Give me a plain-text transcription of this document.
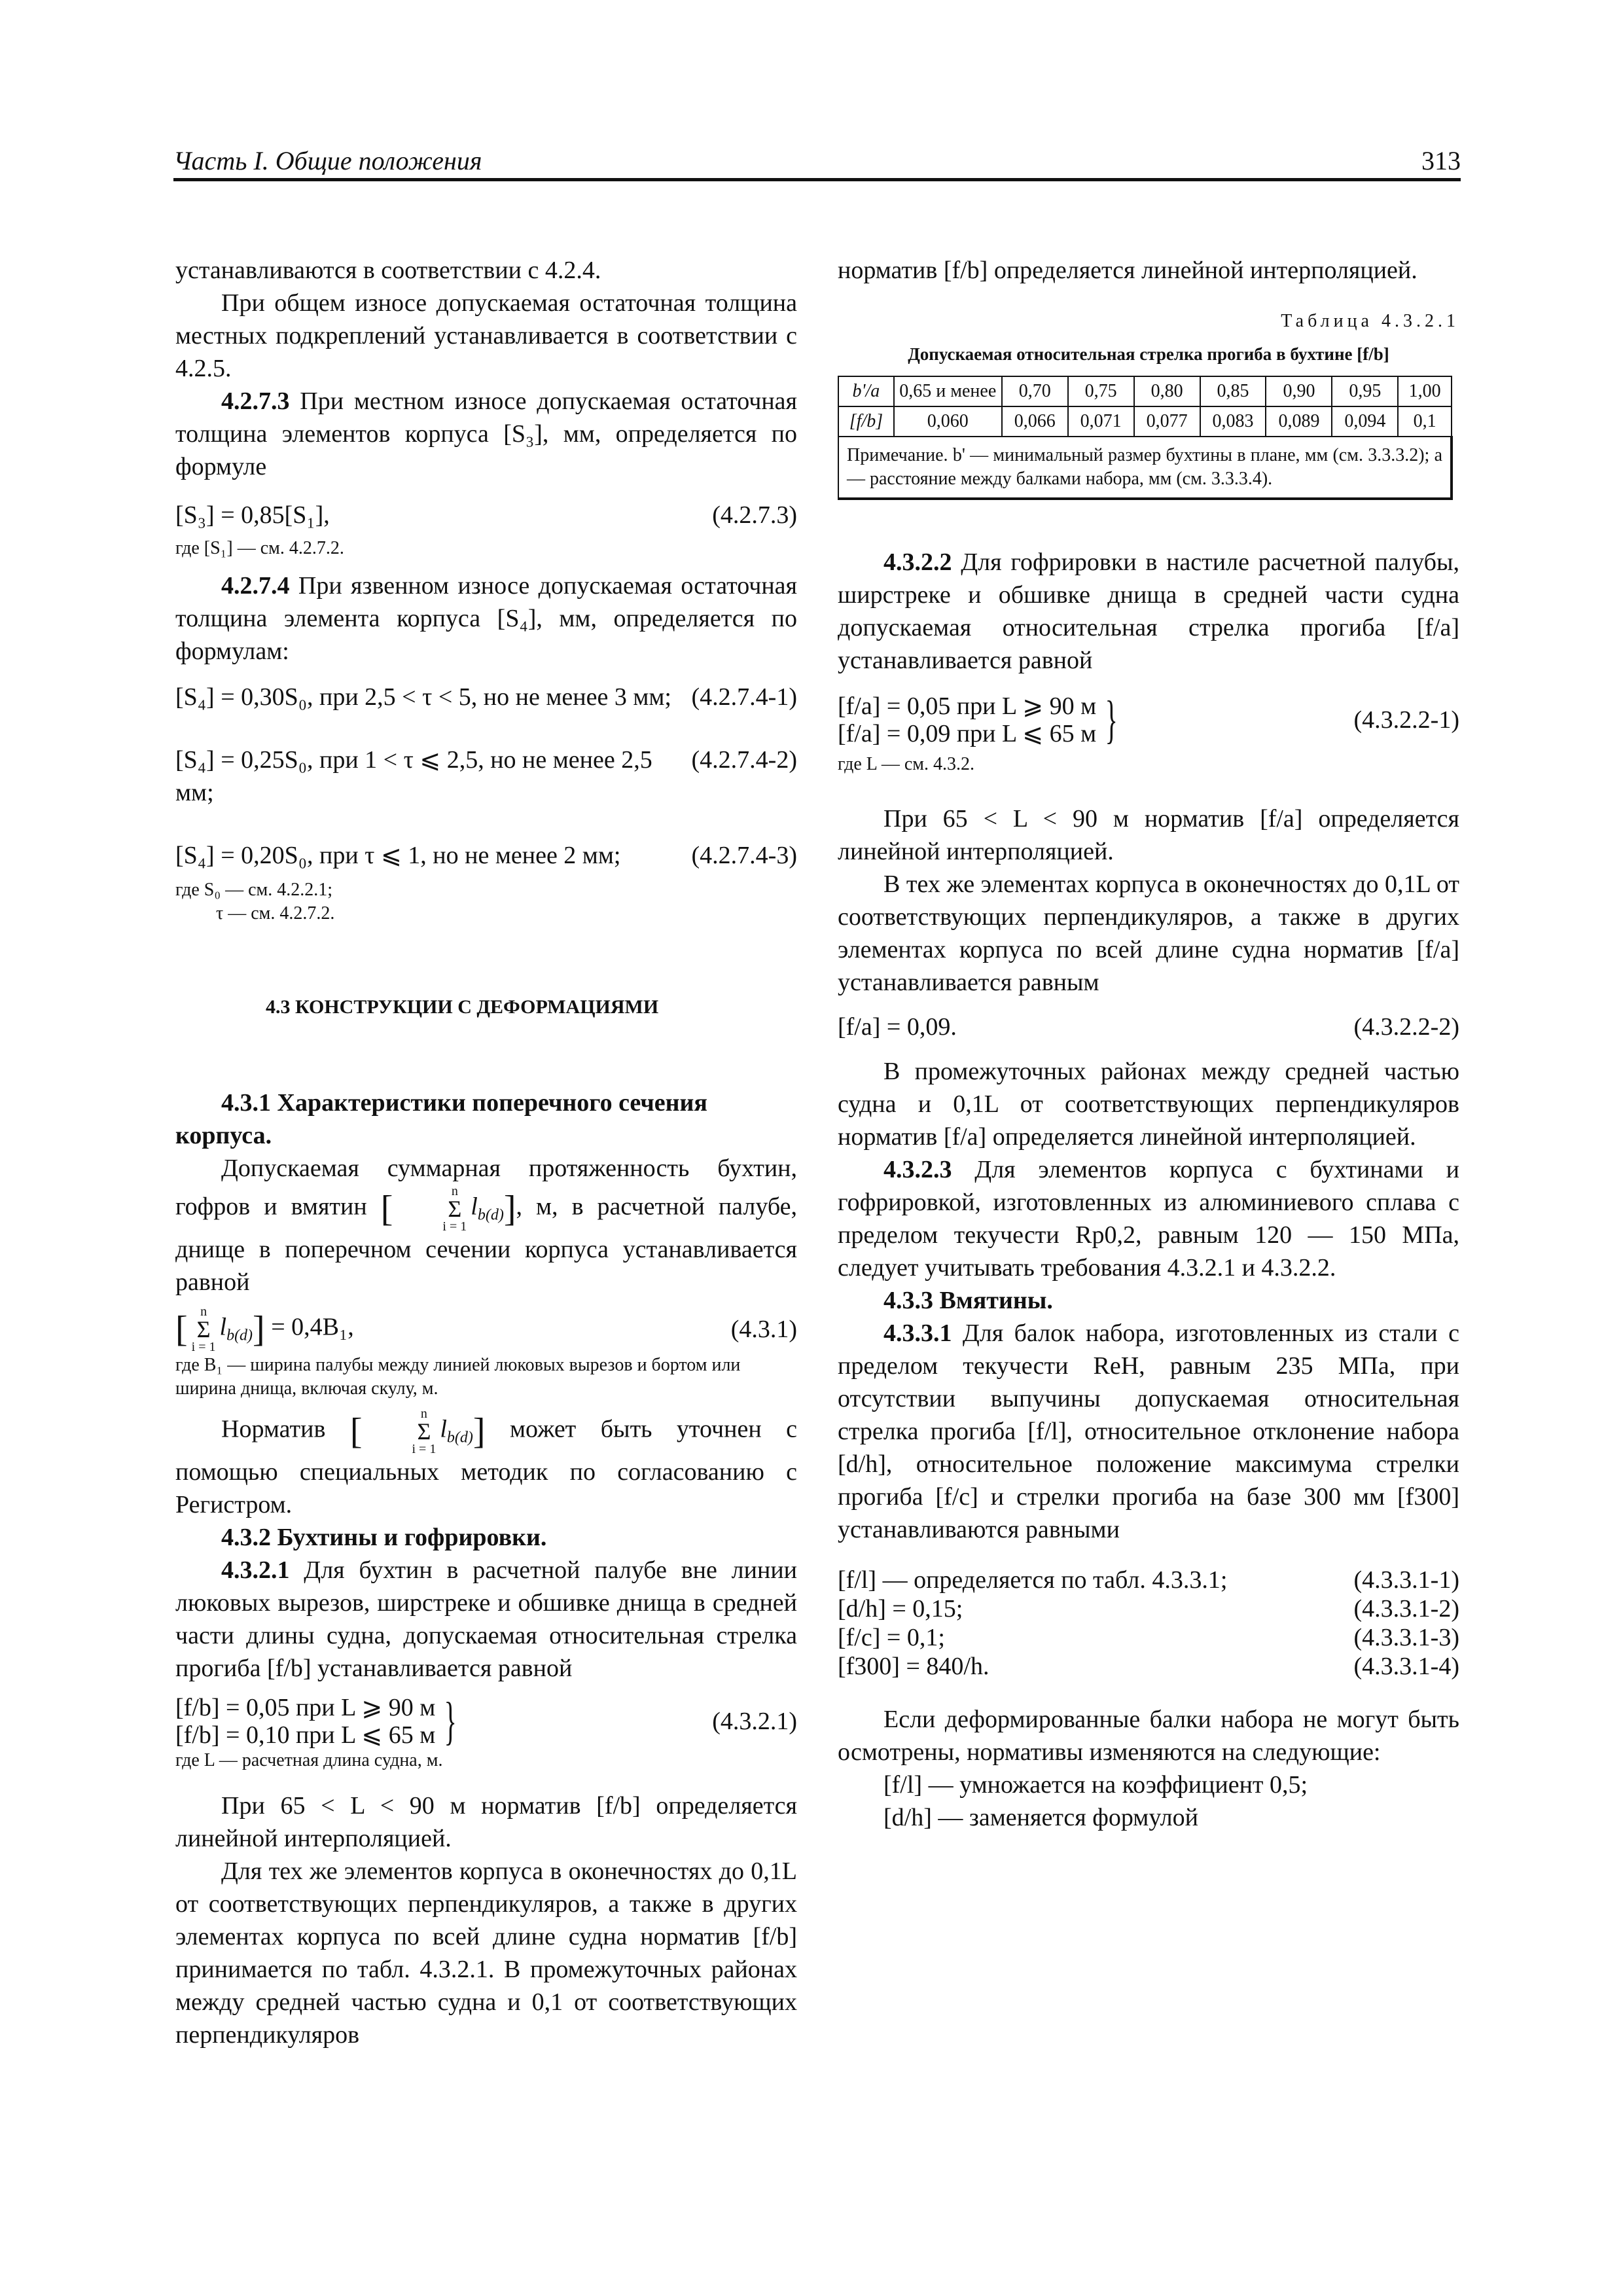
Часть I. Общие положения	313

устанавливаются в соответствии с 4.2.4.

При общем износе допускаемая остаточная толщина местных подкреплений устанавливается в соответствии с 4.2.5.

4.2.7.3 При местном износе допускаемая остаточная толщина элементов корпуса [S₃], мм, определяется по формуле

[S₃] = 0,85[S₁],	(4.2.7.3)

где [S₁] — см. 4.2.7.2.

4.2.7.4 При язвенном износе допускаемая остаточная толщина элемента корпуса [S₄], мм, определяется по формулам:

[S₄] = 0,30S₀, при 2,5 < τ < 5, но не менее 3 мм; (4.2.7.4-1)

[S₄] = 0,25S₀, при 1 < τ ⩽ 2,5, но не менее 2,5 мм;
(4.2.7.4-2)

[S₄] = 0,20S₀, при τ ⩽ 1, но не менее 2 мм;	(4.2.7.4-3)

где S₀ — см. 4.2.2.1;

τ — см. 4.2.7.2.

4.3 КОНСТРУКЦИИ С ДЕФОРМАЦИЯМИ

4.3.1 Характеристики поперечного сечения корпуса.

Допускаемая суммарная протяженность бухтин, гофров и вмятин [	n
Σ
i = 1
$l_{b(d)}$], м, в расчетной палубе, днище в поперечном сечении корпуса устанавливается равной

[ n
Σ
i = 1
$l_{b(d)}] = 0,4B_1$,	(4.3.1)

где B₁ — ширина палубы между линией люковых вырезов и бортом или ширина днища, включая скулу, м.

Норматив [	n
Σ
i = 1
$l_{b(d)}$] может быть уточнен с помощью специальных методик по согласованию с Регистром.

4.3.2 Бухтины и гофрировки.

4.3.2.1 Для бухтин в расчетной палубе вне линии люковых вырезов, ширстреке и обшивке днища в средней части длины судна, допускаемая относительная стрелка прогиба [f/b] устанавливается равной

[f/b] = 0,05 при L ⩾ 90 м
[f/b] = 0,10 при L ⩽ 65 м }	(4.3.2.1)

где L — расчетная длина судна, м.

При 65 < L < 90 м норматив [f/b] определяется линейной интерполяцией.

Для тех же элементов корпуса в оконечностях до 0,1L от соответствующих перпендикуляров, а также в других элементах корпуса по всей длине судна норматив [f/b] принимается по табл. 4.3.2.1. В промежуточных районах между средней частью судна и 0,1 от соответствующих перпендикуляров

норматив [f/b] определяется линейной интерполяцией.

Таблица 4.3.2.1

Допускаемая относительная стрелка прогиба в бухтине [f/b]

b'/a	0,65 и менее	0,70	0,75	0,80	0,85	0,90	0,95	1,00
[f/b]	0,060	0,066	0,071	0,077	0,083	0,089	0,094	0,1
Примечание. b' — минимальный размер бухтины в плане, мм (см. 3.3.3.2); a — расстояние между балками набора, мм (см. 3.3.3.4).								

4.3.2.2 Для гофрировки в настиле расчетной палубы, ширстреке и обшивке днища в средней части судна допускаемая относительная стрелка прогиба [f/a] устанавливается равной

[f/a] = 0,05 при L ⩾ 90 м
[f/a] = 0,09 при L ⩽ 65 м }	(4.3.2.2-1)

где L — см. 4.3.2.

При 65 < L < 90 м норматив [f/a] определяется линейной интерполяцией.

В тех же элементах корпуса в оконечностях до 0,1L от соответствующих перпендикуляров, а также в других элементах корпуса по всей длине судна норматив [f/a] устанавливается равным

[f/a] = 0,09.	(4.3.2.2-2)

В промежуточных районах между средней частью судна и 0,1L от соответствующих перпендикуляров норматив [f/a] определяется линейной интерполяцией.

4.3.2.3 Для элементов корпуса с бухтинами и гофрировкой, изготовленных из алюминиевого сплава с пределом текучести Rp0,2, равным 120 — 150 МПа, следует учитывать требования 4.3.2.1 и 4.3.2.2.

4.3.3 Вмятины.

4.3.3.1 Для балок набора, изготовленных из стали с пределом текучести ReH, равным 235 МПа, при отсутствии выпучины допускаемая относительная стрелка прогиба [f/l], относительное отклонение набора [d/h], относительное положение максимума стрелки прогиба [f/c] и стрелки прогиба на базе 300 мм [f300] устанавливаются равными

[f/l] — определяется по табл. 4.3.3.1;	(4.3.3.1-1)

[d/h] = 0,15;	(4.3.3.1-2)

[f/c] = 0,1;	(4.3.3.1-3)

[f300] = 840/h.	(4.3.3.1-4)

Если деформированные балки набора не могут быть осмотрены, нормативы изменяются на следующие:

[f/l] — умножается на коэффициент 0,5;

[d/h] — заменяется формулой
